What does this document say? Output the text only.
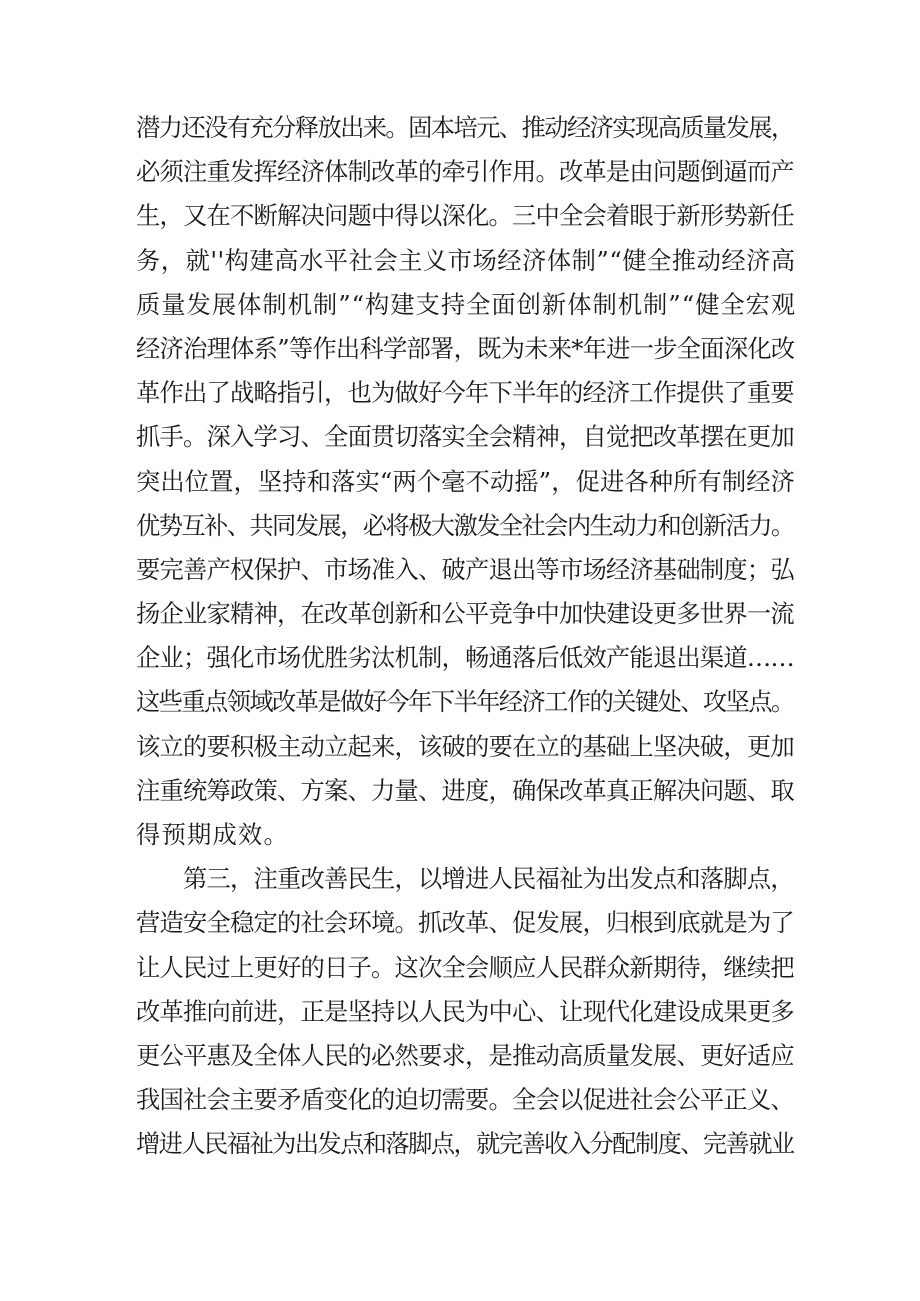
潜力还没有充分释放出来。固本培元、推动经济实现高质量发展，
必须注重发挥经济体制改革的牵引作用。改革是由问题倒逼而产
生，又在不断解决问题中得以深化。三中全会着眼于新形势新任
务，就''构建高水平社会主义市场经济体制”“健全推动经济高
质量发展体制机制”“构建支持全面创新体制机制”“健全宏观
经济治理体系”等作出科学部署，既为未来*年进一步全面深化改
革作出了战略指引，也为做好今年下半年的经济工作提供了重要
抓手。深入学习、全面贯切落实全会精神，自觉把改革摆在更加
突出位置，坚持和落实“两个毫不动摇”，促进各种所有制经济
优势互补、共同发展，必将极大激发全社会内生动力和创新活力。
要完善产权保护、市场准入、破产退出等市场经济基础制度；弘
扬企业家精神，在改革创新和公平竞争中加快建设更多世界一流
企业；强化市场优胜劣汰机制，畅通落后低效产能退出渠道……
这些重点领域改革是做好今年下半年经济工作的关键处、攻坚点。
该立的要积极主动立起来，该破的要在立的基础上坚决破，更加
注重统筹政策、方案、力量、进度，确保改革真正解决问题、取
得预期成效。
　　第三，注重改善民生，以增进人民福祉为出发点和落脚点，
营造安全稳定的社会环境。抓改革、促发展，归根到底就是为了
让人民过上更好的日子。这次全会顺应人民群众新期待，继续把
改革推向前进，正是坚持以人民为中心、让现代化建设成果更多
更公平惠及全体人民的必然要求，是推动高质量发展、更好适应
我国社会主要矛盾变化的迫切需要。全会以促进社会公平正义、
增进人民福祉为出发点和落脚点，就完善收入分配制度、完善就业
